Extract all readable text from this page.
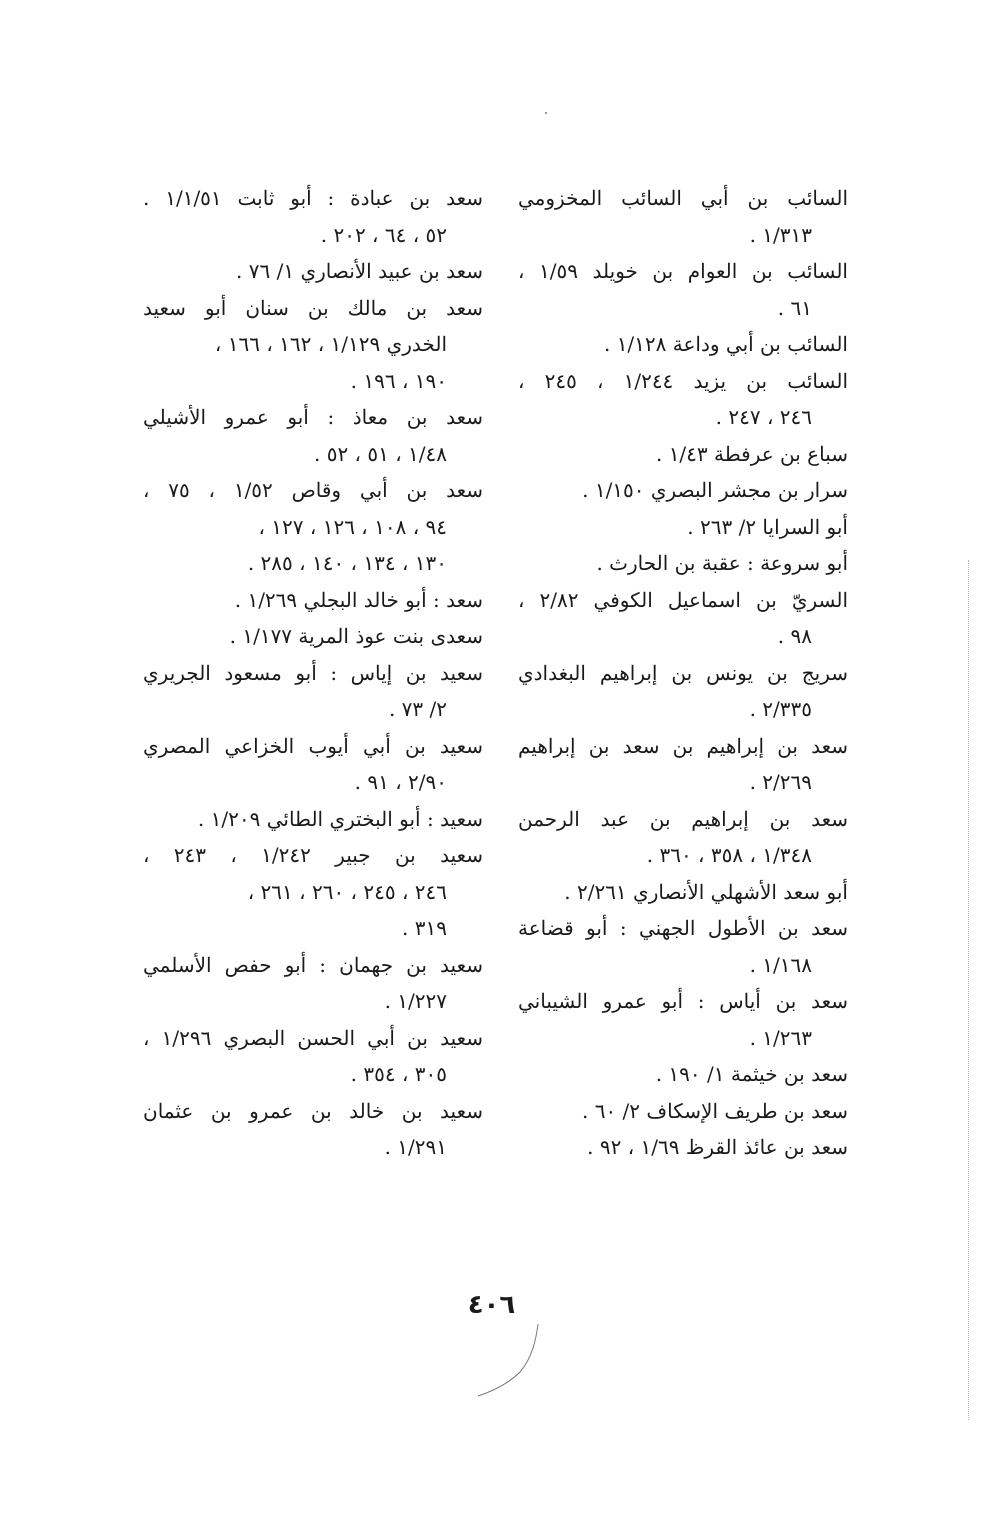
السائب بن أبي السائب المخزومي
١/٣١٣ .
السائب بن العوام بن خويلد ١/٥٩ ،
٦١ .
السائب بن أبي وداعة ١/١٢٨ .
السائب بن يزيد ١/٢٤٤ ، ٢٤٥ ،
٢٤٦ ، ٢٤٧ .
سباع بن عرفطة ١/٤٣ .
سرار بن مجشر البصري ١/١٥٠ .
أبو السرايا ٢/ ٢٦٣ .
أبو سروعة : عقبة بن الحارث .
السريّ بن اسماعيل الكوفي ٢/٨٢ ،
٩٨ .
سريج بن يونس بن إبراهيم البغدادي
٢/٣٣٥ .
سعد بن إبراهيم بن سعد بن إبراهيم
٢/٢٦٩ .
سعد بن إبراهيم بن عبد الرحمن
١/٣٤٨ ، ٣٥٨ ، ٣٦٠ .
أبو سعد الأشهلي الأنصاري ٢/٢٦١ .
سعد بن الأطول الجهني : أبو قضاعة
١/١٦٨ .
سعد بن أياس : أبو عمرو الشيباني
١/٢٦٣ .
سعد بن خيثمة ١/ ١٩٠ .
سعد بن طريف الإسكاف ٢/ ٦٠ .
سعد بن عائذ القرظ ١/٦٩ ، ٩٢ .
سعد بن عبادة : أبو ثابت ١/١/٥١ .
٥٢ ، ٦٤ ، ٢٠٢ .
سعد بن عبيد الأنصاري ١/ ٧٦ .
سعد بن مالك بن سنان أبو سعيد
الخدري ١/١٢٩ ، ١٦٢ ، ١٦٦ ،
١٩٠ ، ١٩٦ .
سعد بن معاذ : أبو عمرو الأشيلي
١/٤٨ ، ٥١ ، ٥٢ .
سعد بن أبي وقاص ١/٥٢ ، ٧٥ ،
٩٤ ، ١٠٨ ، ١٢٦ ، ١٢٧ ،
١٣٠ ، ١٣٤ ، ١٤٠ ، ٢٨٥ .
سعد : أبو خالد البجلي ١/٢٦٩ .
سعدى بنت عوذ المرية ١/١٧٧ .
سعيد بن إياس : أبو مسعود الجريري
٢/ ٧٣ .
سعيد بن أبي أيوب الخزاعي المصري
٢/٩٠ ، ٩١ .
سعيد : أبو البختري الطائي ١/٢٠٩ .
سعيد بن جبير ١/٢٤٢ ، ٢٤٣ ،
٢٤٦ ، ٢٤٥ ، ٢٦٠ ، ٢٦١ ،
٣١٩ .
سعيد بن جهمان : أبو حفص الأسلمي
١/٢٢٧ .
سعيد بن أبي الحسن البصري ١/٢٩٦ ،
٣٠٥ ، ٣٥٤ .
سعيد بن خالد بن عمرو بن عثمان
١/٢٩١ .
٤٠٦
